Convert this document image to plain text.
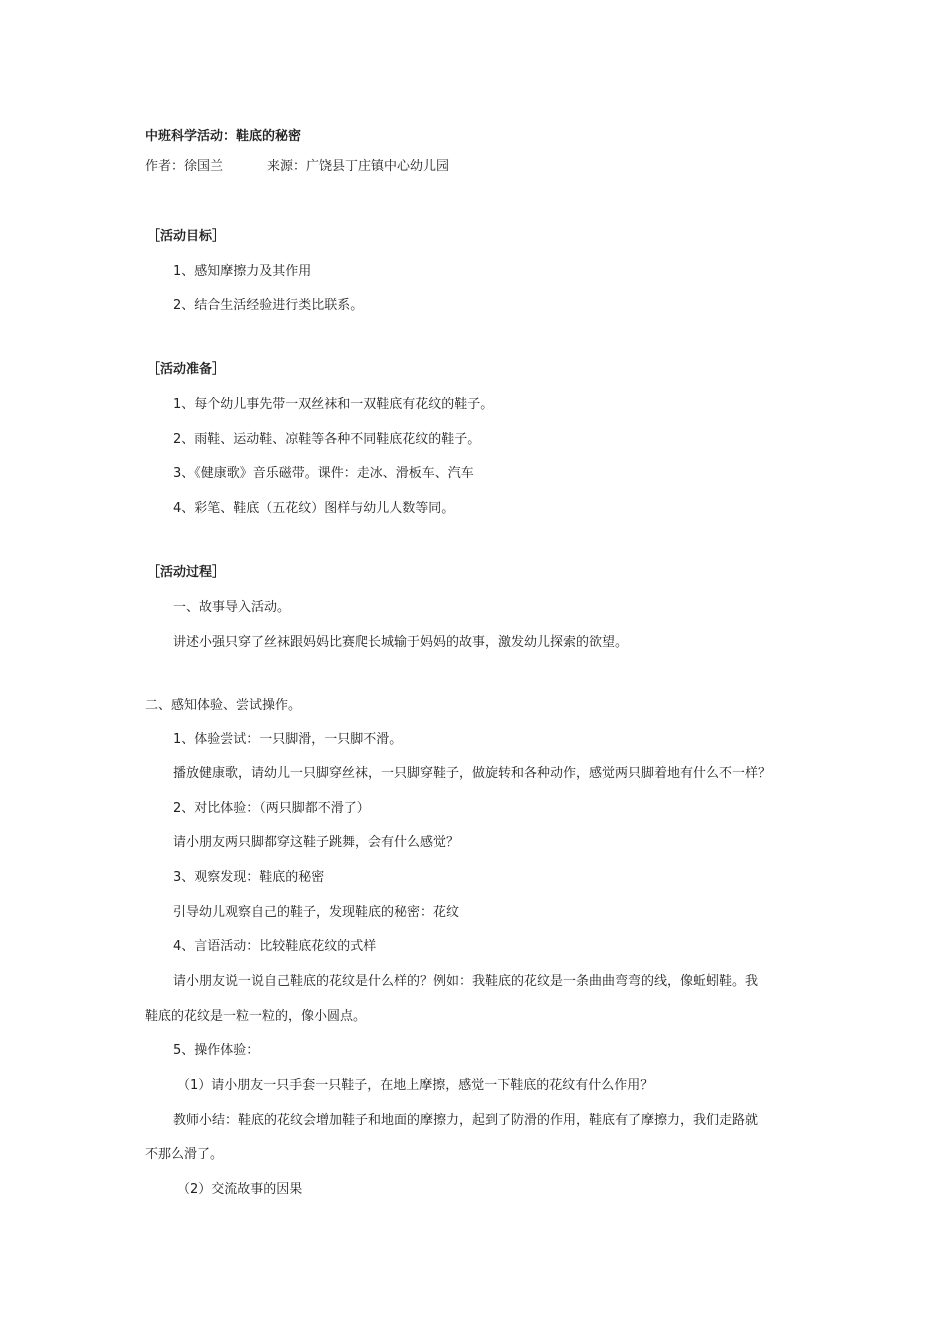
中班科学活动：鞋底的秘密
作者：徐国兰	来源：广饶县丁庄镇中心幼儿园
［活动目标］
1、感知摩擦力及其作用
2、结合生活经验进行类比联系。
［活动准备］
1、每个幼儿事先带一双丝袜和一双鞋底有花纹的鞋子。
2、雨鞋、运动鞋、凉鞋等各种不同鞋底花纹的鞋子。
3、《健康歌》音乐磁带。课件：走冰、滑板车、汽车
4、彩笔、鞋底（五花纹）图样与幼儿人数等同。
［活动过程］
一、故事导入活动。
讲述小强只穿了丝袜跟妈妈比赛爬长城输于妈妈的故事，激发幼儿探索的欲望。
二、感知体验、尝试操作。
1、体验尝试：一只脚滑，一只脚不滑。
播放健康歌，请幼儿一只脚穿丝袜，一只脚穿鞋子，做旋转和各种动作，感觉两只脚着地有什么不一样？
2、对比体验：（两只脚都不滑了）
请小朋友两只脚都穿这鞋子跳舞，会有什么感觉？
3、观察发现：鞋底的秘密
引导幼儿观察自己的鞋子，发现鞋底的秘密：花纹
4、言语活动：比较鞋底花纹的式样
请小朋友说一说自己鞋底的花纹是什么样的？例如：我鞋底的花纹是一条曲曲弯弯的线，像蚯蚓鞋。我
鞋底的花纹是一粒一粒的，像小圆点。
5、操作体验：
（1）请小朋友一只手套一只鞋子，在地上摩擦，感觉一下鞋底的花纹有什么作用？
教师小结：鞋底的花纹会增加鞋子和地面的摩擦力，起到了防滑的作用，鞋底有了摩擦力，我们走路就
不那么滑了。
（2）交流故事的因果
